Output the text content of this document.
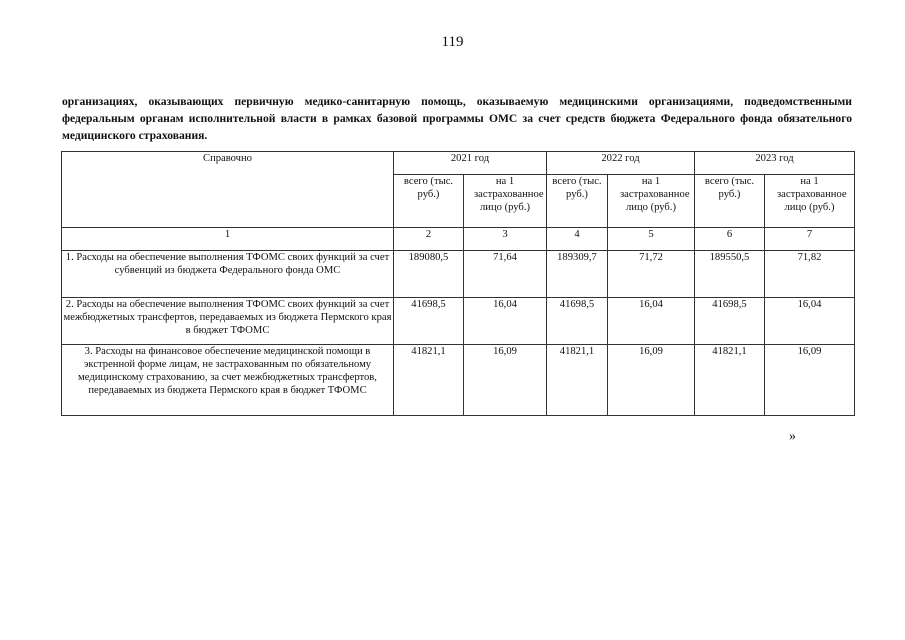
119
организациях, оказывающих первичную медико-санитарную помощь, оказываемую медицинскими организациями, подведомственными федеральным органам исполнительной власти в рамках базовой программы ОМС за счет средств бюджета Федерального фонда обязательного медицинского страхования.
Справочно	2021 год		2022 год		2023 год	
	всего (тыс. руб.)	на 1 застрахованное лицо (руб.)	всего (тыс. руб.)	на 1 застрахованное лицо (руб.)	всего (тыс. руб.)	на 1 застрахованное лицо (руб.)
1	2	3	4	5	6	7
1. Расходы на обеспечение выполнения ТФОМС своих функций за счет субвенций из бюджета Федерального фонда ОМС	189080,5	71,64	189309,7	71,72	189550,5	71,82
2. Расходы на обеспечение выполнения ТФОМС своих функций за счет межбюджетных трансфертов, передаваемых из бюджета Пермского края в бюджет ТФОМС	41698,5	16,04	41698,5	16,04	41698,5	16,04
3. Расходы на финансовое обеспечение медицинской помощи в экстренной форме лицам, не застрахованным по обязательному медицинскому страхованию, за счет межбюджетных трансфертов, передаваемых из бюджета Пермского края в бюджет ТФОМС	41821,1	16,09	41821,1	16,09	41821,1	16,09
»
